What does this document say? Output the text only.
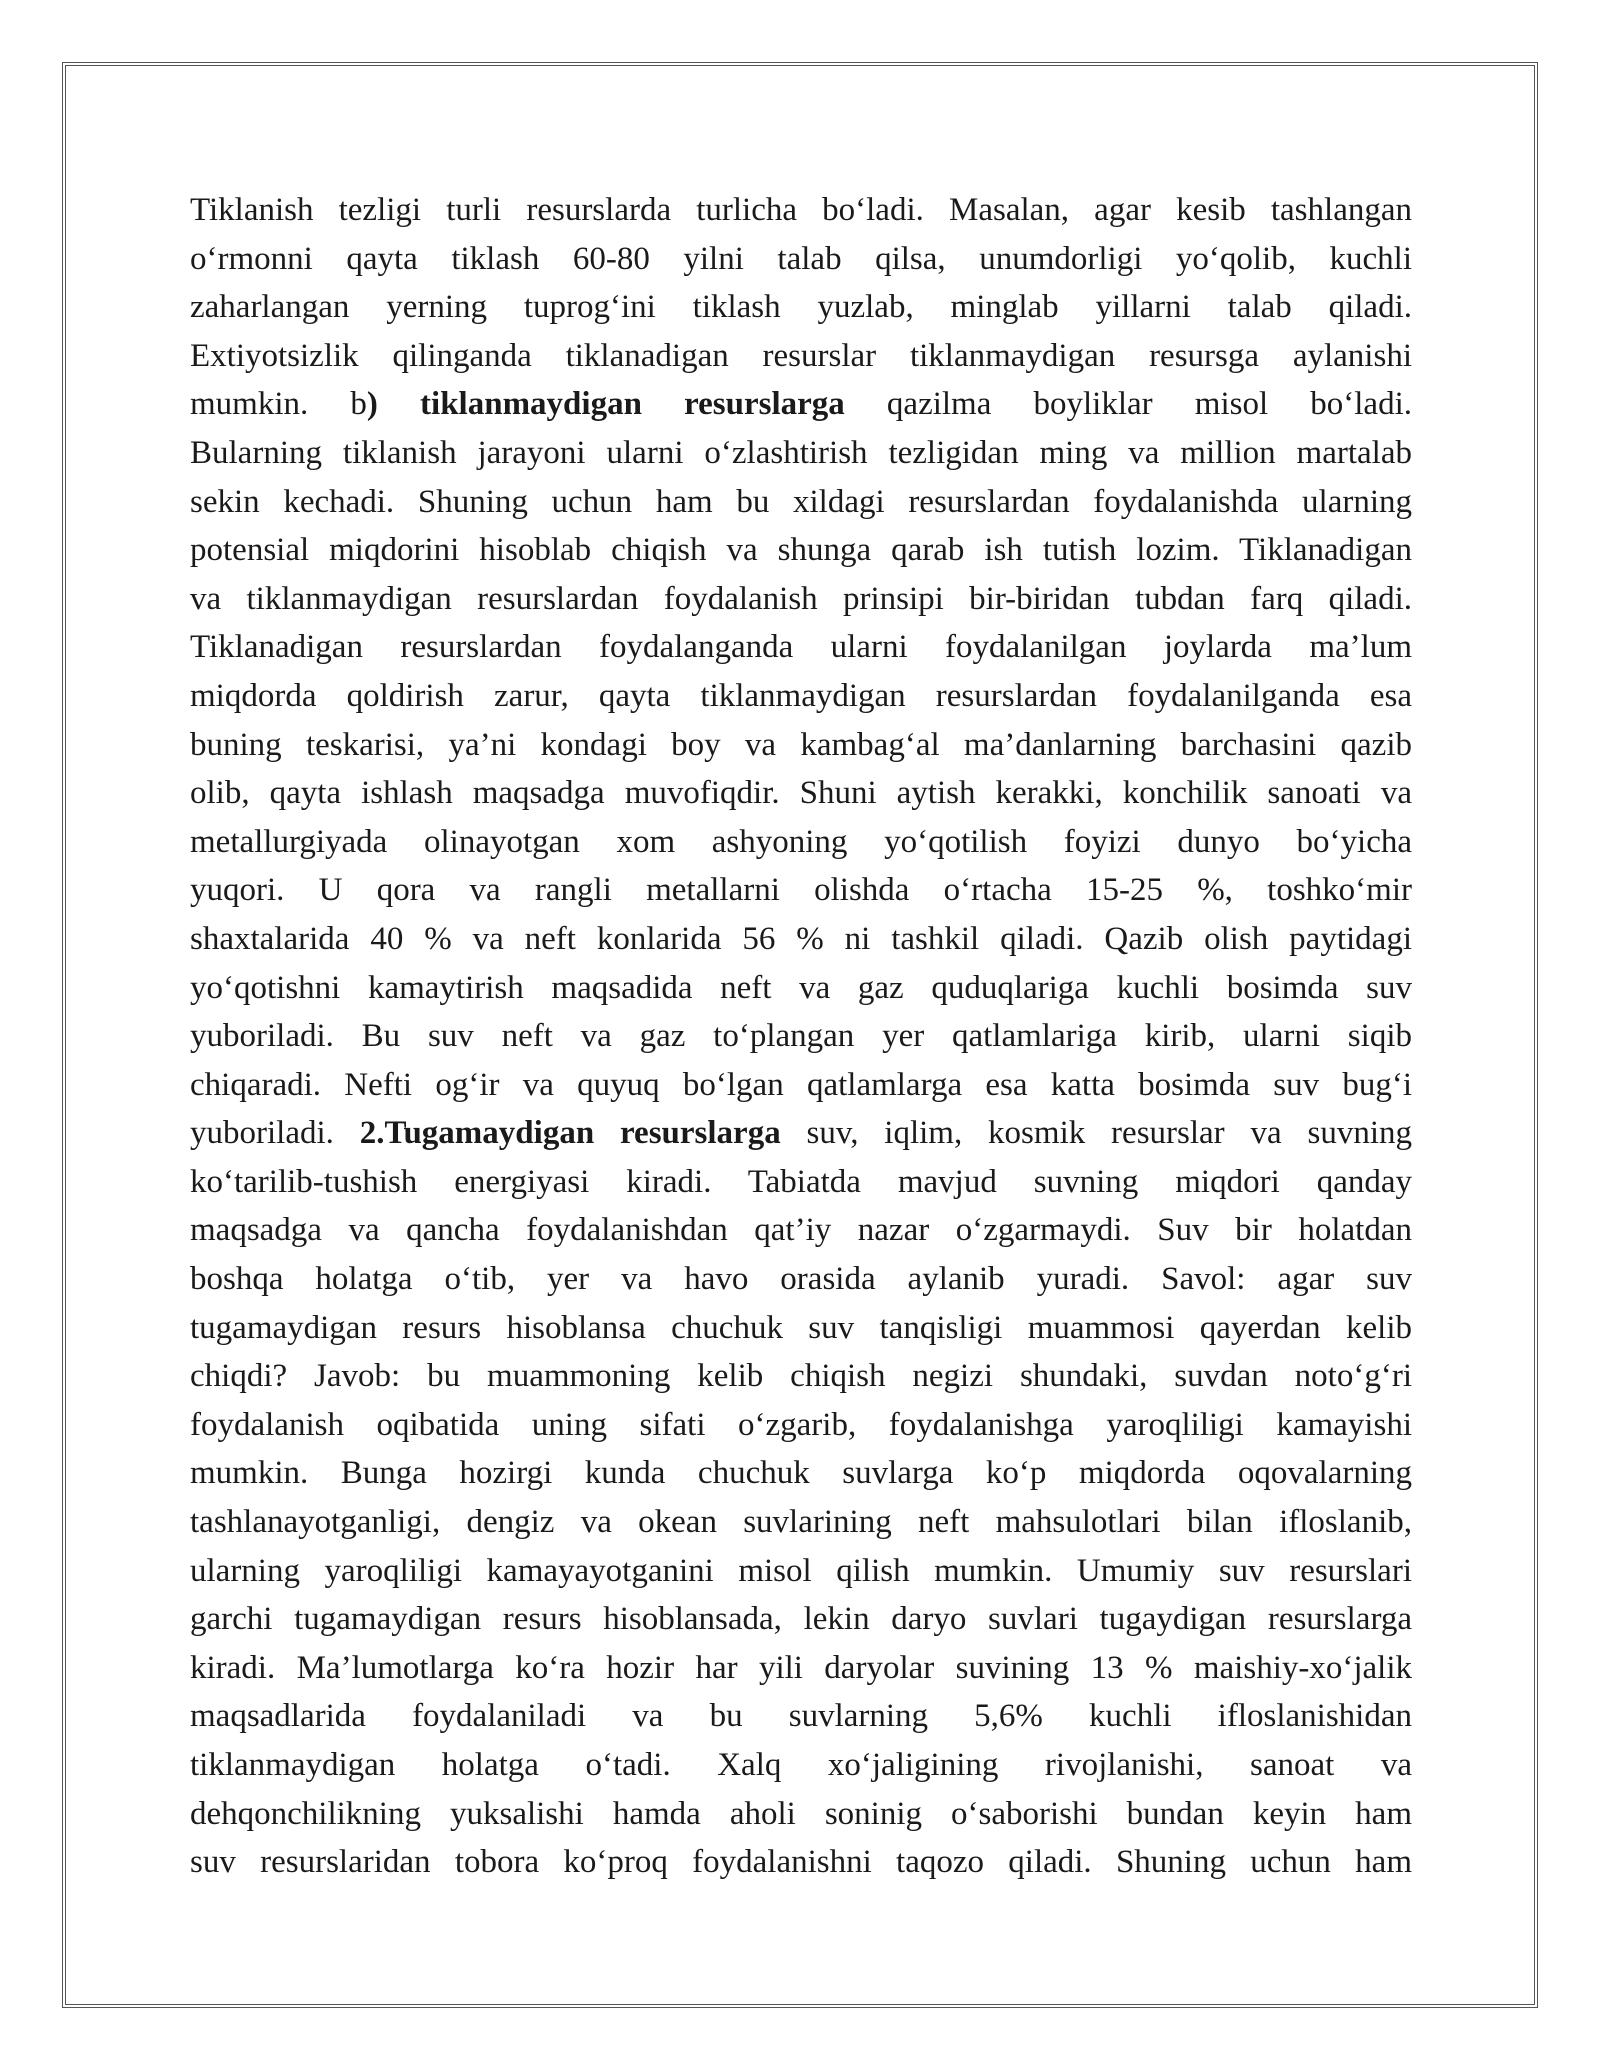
Tiklanish tezligi turli resurslarda turlicha bo‘ladi. Masalan, agar kesib tashlangan
o‘rmonni qayta tiklash 60-80 yilni talab qilsa, unumdorligi yo‘qolib, kuchli
zaharlangan yerning tuprog‘ini tiklash yuzlab, minglab yillarni talab qiladi.
Extiyotsizlik qilinganda tiklanadigan resurslar tiklanmaydigan resursga aylanishi
mumkin. b) tiklanmaydigan resurslarga qazilma boyliklar misol bo‘ladi.
Bularning tiklanish jarayoni ularni o‘zlashtirish tezligidan ming va million martalab
sekin kechadi. Shuning uchun ham bu xildagi resurslardan foydalanishda ularning
potensial miqdorini hisoblab chiqish va shunga qarab ish tutish lozim. Tiklanadigan
va tiklanmaydigan resurslardan foydalanish prinsipi bir-biridan tubdan farq qiladi.
Tiklanadigan resurslardan foydalanganda ularni foydalanilgan joylarda ma’lum
miqdorda qoldirish zarur, qayta tiklanmaydigan resurslardan foydalanilganda esa
buning teskarisi, ya’ni kondagi boy va kambag‘al ma’danlarning barchasini qazib
olib, qayta ishlash maqsadga muvofiqdir. Shuni aytish kerakki, konchilik sanoati va
metallurgiyada olinayotgan xom ashyoning yo‘qotilish foyizi dunyo bo‘yicha
yuqori. U qora va rangli metallarni olishda o‘rtacha 15-25 %, toshko‘mir
shaxtalarida 40 % va neft konlarida 56 % ni tashkil qiladi. Qazib olish paytidagi
yo‘qotishni kamaytirish maqsadida neft va gaz quduqlariga kuchli bosimda suv
yuboriladi. Bu suv neft va gaz to‘plangan yer qatlamlariga kirib, ularni siqib
chiqaradi. Nefti og‘ir va quyuq bo‘lgan qatlamlarga esa katta bosimda suv bug‘i
yuboriladi. 2.Tugamaydigan resurslarga suv, iqlim, kosmik resurslar va suvning
ko‘tarilib-tushish energiyasi kiradi. Tabiatda mavjud suvning miqdori qanday
maqsadga va qancha foydalanishdan qat’iy nazar o‘zgarmaydi. Suv bir holatdan
boshqa holatga o‘tib, yer va havo orasida aylanib yuradi. Savol: agar suv
tugamaydigan resurs hisoblansa chuchuk suv tanqisligi muammosi qayerdan kelib
chiqdi? Javob: bu muammoning kelib chiqish negizi shundaki, suvdan noto‘g‘ri
foydalanish oqibatida uning sifati o‘zgarib, foydalanishga yaroqliligi kamayishi
mumkin. Bunga hozirgi kunda chuchuk suvlarga ko‘p miqdorda oqovalarning
tashlanayotganligi, dengiz va okean suvlarining neft mahsulotlari bilan ifloslanib,
ularning yaroqliligi kamayayotganini misol qilish mumkin. Umumiy suv resurslari
garchi tugamaydigan resurs hisoblansada, lekin daryo suvlari tugaydigan resurslarga
kiradi. Ma’lumotlarga ko‘ra hozir har yili daryolar suvining 13 % maishiy-xo‘jalik
maqsadlarida foydalaniladi va bu suvlarning 5,6% kuchli ifloslanishidan
tiklanmaydigan holatga o‘tadi. Xalq xo‘jaligining rivojlanishi, sanoat va
dehqonchilikning yuksalishi hamda aholi soninig o‘saborishi bundan keyin ham
suv resurslaridan tobora ko‘proq foydalanishni taqozo qiladi. Shuning uchun ham
